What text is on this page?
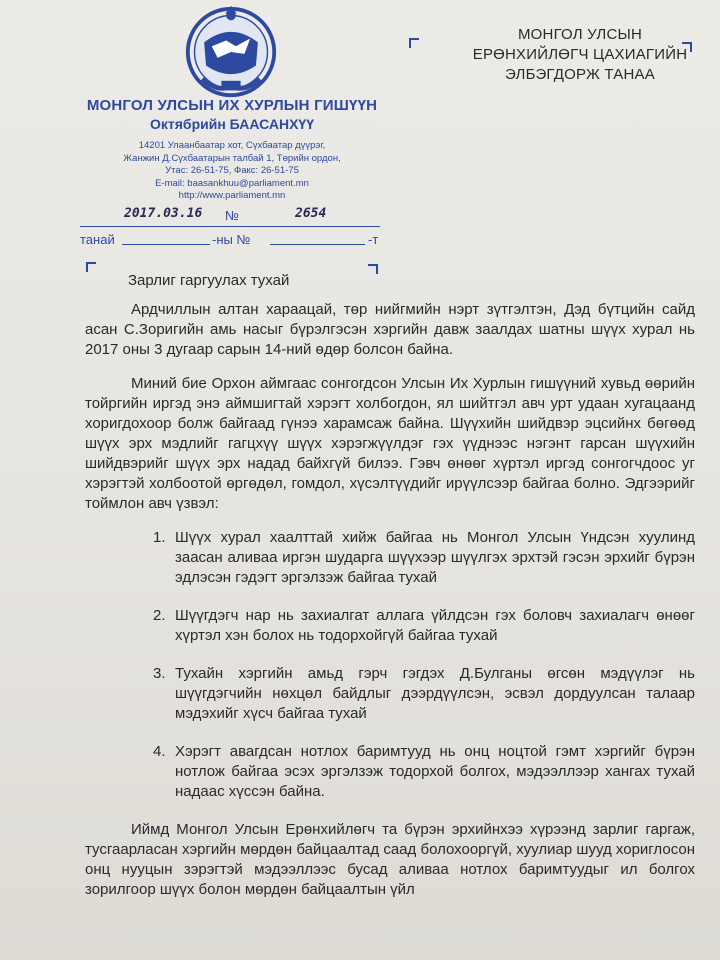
МОНГОЛ УЛСЫН ИХ ХУРЛЫН ГИШҮҮН
Октябрийн БААСАНХҮҮ
14201 Улаанбаатар хот, Сүхбаатар дүүрэг,
Жанжин Д.Сүхбаатарын талбай 1, Төрийн ордон,
Утас: 26-51-75, Факс: 26-51-75
E-mail: baasankhuu@parliament.mn
http://www.parliament.mn
2017.03.16 №	2654
танай	-ны №	-т
МОНГОЛ УЛСЫН
ЕРӨНХИЙЛӨГЧ ЦАХИАГИЙН
ЭЛБЭГДОРЖ ТАНАА
Зарлиг гаргуулах тухай

Ардчиллын алтан хараацай, төр нийгмийн нэрт зүтгэлтэн, Дэд бүтцийн сайд асан С.Зоригийн амь насыг бүрэлгэсэн хэргийн давж заалдах шатны шүүх хурал нь 2017 оны 3 дугаар сарын 14-ний өдөр болсон байна.

Миний бие Орхон аймгаас сонгогдсон Улсын Их Хурлын гишүүний хувьд өөрийн тойргийн иргэд энэ аймшигтай хэрэгт холбогдон, ял шийтгэл авч урт удаан хугацаанд хоригдохоор болж байгаад гүнээ харамсаж байна. Шүүхийн шийдвэр эцсийнх бөгөөд шүүх эрх мэдлийг гагцхүү шүүх хэрэгжүүлдэг гэх үүднээс нэгэнт гарсан шүүхийн шийдвэрийг шүүх эрх надад байхгүй билээ. Гэвч өнөөг хүртэл иргэд сонгогчдоос уг хэрэгтэй холбоотой өргөдөл, гомдол, хүсэлтүүдийг ирүүлсээр байгаа болно. Эдгээрийг тоймлон авч үзвэл:

1. Шүүх хурал хаалттай хийж байгаа нь Монгол Улсын Үндсэн хуулинд заасан аливаа иргэн шударга шүүхээр шүүлгэх эрхтэй гэсэн эрхийг бүрэн эдлэсэн гэдэгт эргэлзэж байгаа тухай
2. Шүүгдэгч нар нь захиалгат аллага үйлдсэн гэх боловч захиалагч өнөөг хүртэл хэн болох нь тодорхойгүй байгаа тухай
3. Тухайн хэргийн амьд гэрч гэгдэх Д.Булганы өгсөн мэдүүлэг нь шүүгдэгчийн нөхцөл байдлыг дээрдүүлсэн, эсвэл дордуулсан талаар мэдэхийг хүсч байгаа тухай
4. Хэрэгт авагдсан нотлох баримтууд нь онц ноцтой гэмт хэргийг бүрэн нотлож байгаа эсэх эргэлзэж тодорхой болгох, мэдээллээр хангах тухай надаас хүссэн байна.

Иймд Монгол Улсын Ерөнхийлөгч та бүрэн эрхийнхээ хүрээнд зарлиг гаргаж, тусгаарласан хэргийн мөрдөн байцаалтад саад болохооргүй, хуулиар шууд хориглосон онц нууцын зэрэгтэй мэдээллээс бусад аливаа нотлох баримтуудыг ил болгох зорилгоор шүүх болон мөрдөн байцаалтын үйл
